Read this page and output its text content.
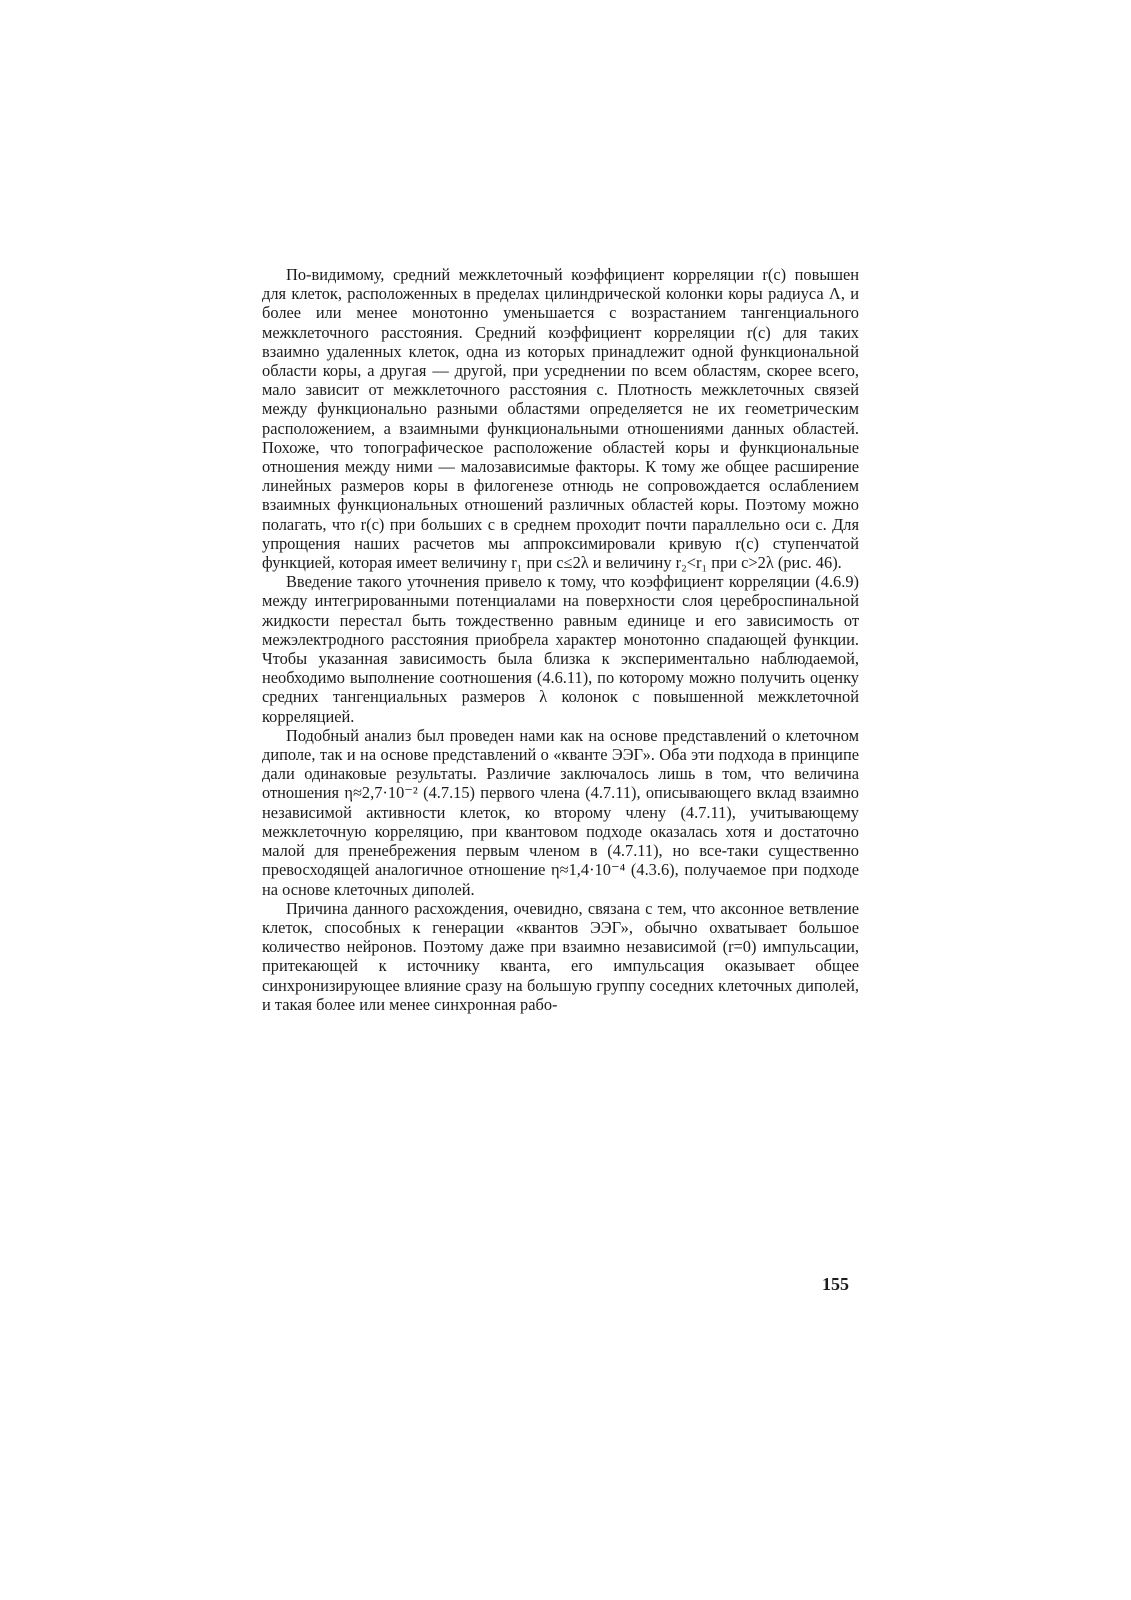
По-видимому, средний межклеточный коэффициент корреляции r(c) повышен для клеток, расположенных в пределах цилиндрической колонки коры радиуса Λ, и более или менее монотонно уменьшается с возрастанием тангенциального межклеточного расстояния. Средний коэффициент корреляции r(c) для таких взаимно удаленных клеток, одна из которых принадлежит одной функциональной области коры, а другая — другой, при усреднении по всем областям, скорее всего, мало зависит от межклеточного расстояния c. Плотность межклеточных связей между функционально разными областями определяется не их геометрическим расположением, а взаимными функциональными отношениями данных областей. Похоже, что топографическое расположение областей коры и функциональные отношения между ними — малозависимые факторы. К тому же общее расширение линейных размеров коры в филогенезе отнюдь не сопровождается ослаблением взаимных функциональных отношений различных областей коры. Поэтому можно полагать, что r(c) при больших c в среднем проходит почти параллельно оси c. Для упрощения наших расчетов мы аппроксимировали кривую r(c) ступенчатой функцией, которая имеет величину r₁ при c≤2λ и величину r₂<r₁ при c>2λ (рис. 46).

Введение такого уточнения привело к тому, что коэффициент корреляции (4.6.9) между интегрированными потенциалами на поверхности слоя цереброспинальной жидкости перестал быть тождественно равным единице и его зависимость от межэлектродного расстояния приобрела характер монотонно спадающей функции. Чтобы указанная зависимость была близка к экспериментально наблюдаемой, необходимо выполнение соотношения (4.6.11), по которому можно получить оценку средних тангенциальных размеров λ колонок с повышенной межклеточной корреляцией.

Подобный анализ был проведен нами как на основе представлений о клеточном диполе, так и на основе представлений о «кванте ЭЭГ». Оба эти подхода в принципе дали одинаковые результаты. Различие заключалось лишь в том, что величина отношения η≈2,7·10⁻² (4.7.15) первого члена (4.7.11), описывающего вклад взаимно независимой активности клеток, ко второму члену (4.7.11), учитывающему межклеточную корреляцию, при квантовом подходе оказалась хотя и достаточно малой для пренебрежения первым членом в (4.7.11), но все-таки существенно превосходящей аналогичное отношение η≈1,4·10⁻⁴ (4.3.6), получаемое при подходе на основе клеточных диполей.

Причина данного расхождения, очевидно, связана с тем, что аксонное ветвление клеток, способных к генерации «квантов ЭЭГ», обычно охватывает большое количество нейронов. Поэтому даже при взаимно независимой (r=0) импульсации, притекающей к источнику кванта, его импульсация оказывает общее синхронизирующее влияние сразу на большую группу соседних клеточных диполей, и такая более или менее синхронная рабо-

155
